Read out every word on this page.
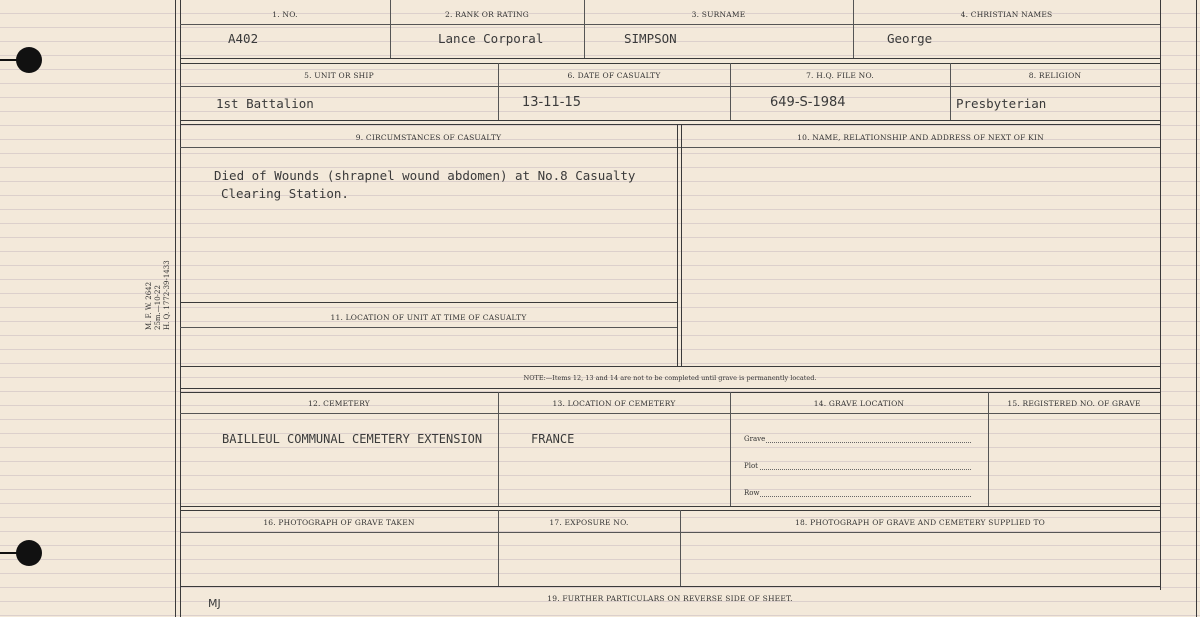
M. F. W. 2642 25m.—10-22 H. Q. 1772-39-1433
1. NO.	2. RANK OR RATING	3. SURNAME	4. CHRISTIAN NAMES
A402	Lance Corporal	SIMPSON	George
5. UNIT OR SHIP	6. DATE OF CASUALTY	7. H.Q. FILE NO.	8. RELIGION
1st Battalion	13-11-15	649-S-1984	Presbyterian
9. CIRCUMSTANCES OF CASUALTY	10. NAME, RELATIONSHIP AND ADDRESS OF NEXT OF KIN
Died of Wounds (shrapnel wound abdomen) at No.8 Casualty
Clearing Station.
11. LOCATION OF UNIT AT TIME OF CASUALTY
NOTE:—Items 12, 13 and 14 are not to be completed until grave is permanently located.
12. CEMETERY	13. LOCATION OF CEMETERY	14. GRAVE LOCATION	15. REGISTERED NO. OF GRAVE
BAILLEUL COMMUNAL CEMETERY EXTENSION	FRANCE	Grave
Plot
Row
16. PHOTOGRAPH OF GRAVE TAKEN	17. EXPOSURE NO.	18. PHOTOGRAPH OF GRAVE AND CEMETERY SUPPLIED TO
19. FURTHER PARTICULARS ON REVERSE SIDE OF SHEET.
MJ
